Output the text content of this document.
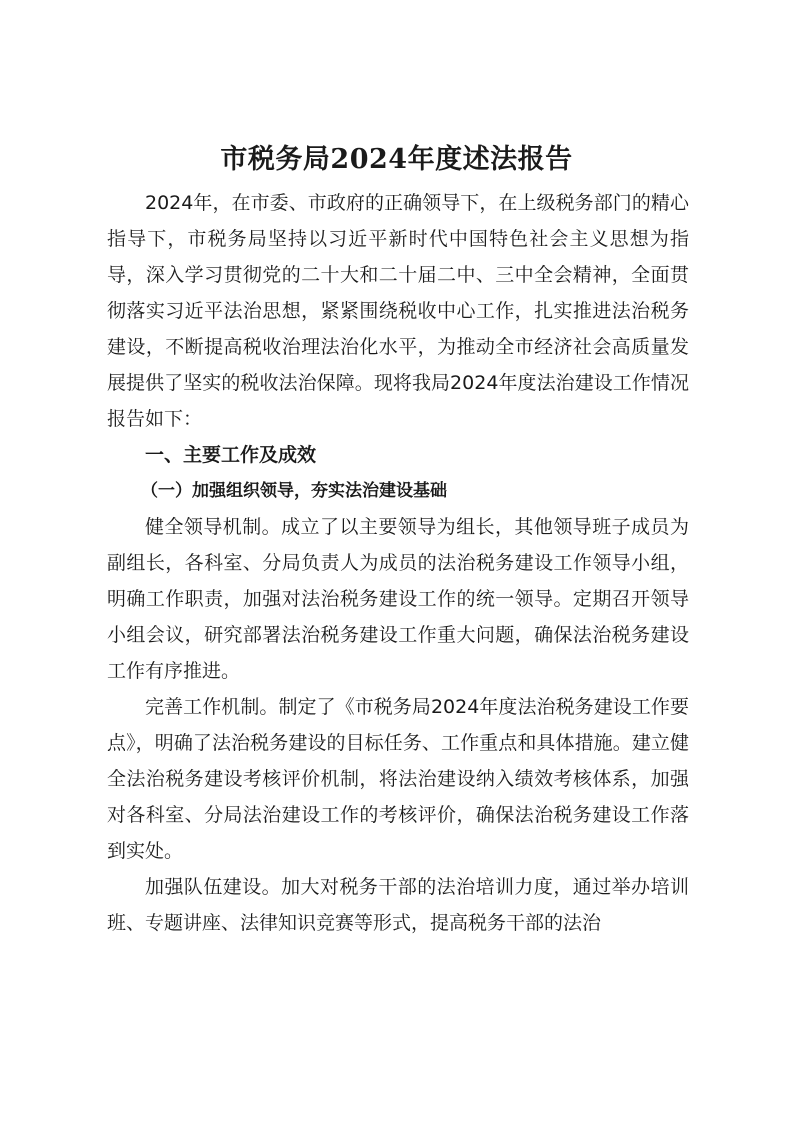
市税务局2024年度述法报告

2024年，在市委、市政府的正确领导下，在上级税务部门的精心指导下，市税务局坚持以习近平新时代中国特色社会主义思想为指导，深入学习贯彻党的二十大和二十届二中、三中全会精神，全面贯彻落实习近平法治思想，紧紧围绕税收中心工作，扎实推进法治税务建设，不断提高税收治理法治化水平，为推动全市经济社会高质量发展提供了坚实的税收法治保障。现将我局2024年度法治建设工作情况报告如下：

一、主要工作及成效

（一）加强组织领导，夯实法治建设基础

健全领导机制。成立了以主要领导为组长，其他领导班子成员为副组长，各科室、分局负责人为成员的法治税务建设工作领导小组，明确工作职责，加强对法治税务建设工作的统一领导。定期召开领导小组会议，研究部署法治税务建设工作重大问题，确保法治税务建设工作有序推进。

完善工作机制。制定了《市税务局2024年度法治税务建设工作要点》，明确了法治税务建设的目标任务、工作重点和具体措施。建立健全法治税务建设考核评价机制，将法治建设纳入绩效考核体系，加强对各科室、分局法治建设工作的考核评价，确保法治税务建设工作落到实处。

加强队伍建设。加大对税务干部的法治培训力度，通过举办培训班、专题讲座、法律知识竞赛等形式，提高税务干部的法治
